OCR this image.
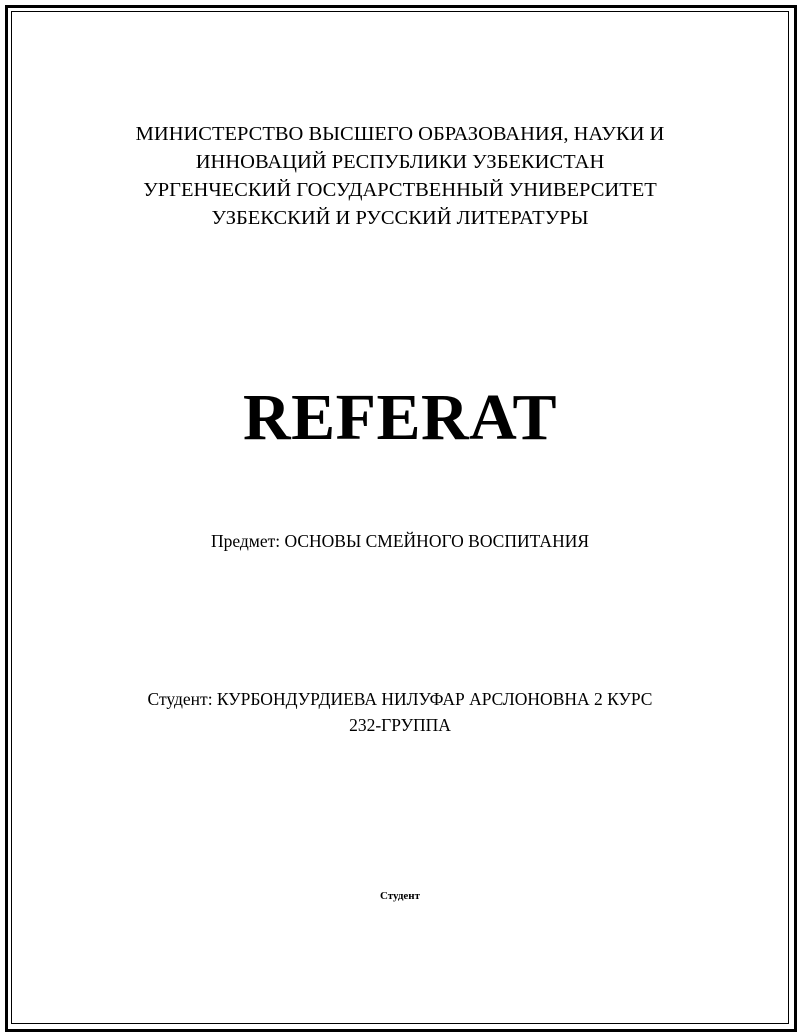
МИНИСТЕРСТВО ВЫСШЕГО ОБРАЗОВАНИЯ, НАУКИ И
ИННОВАЦИЙ РЕСПУБЛИКИ УЗБЕКИСТАН
УРГЕНЧЕСКИЙ ГОСУДАРСТВЕННЫЙ УНИВЕРСИТЕТ
УЗБЕКСКИЙ И РУССКИЙ ЛИТЕРАТУРЫ
REFERAT
Предмет: ОСНОВЫ СМЕЙНОГО ВОСПИТАНИЯ
Студент: КУРБОНДУРДИЕВА НИЛУФАР АРСЛОНОВНА 2 КУРС
232-ГРУППА
Студент
